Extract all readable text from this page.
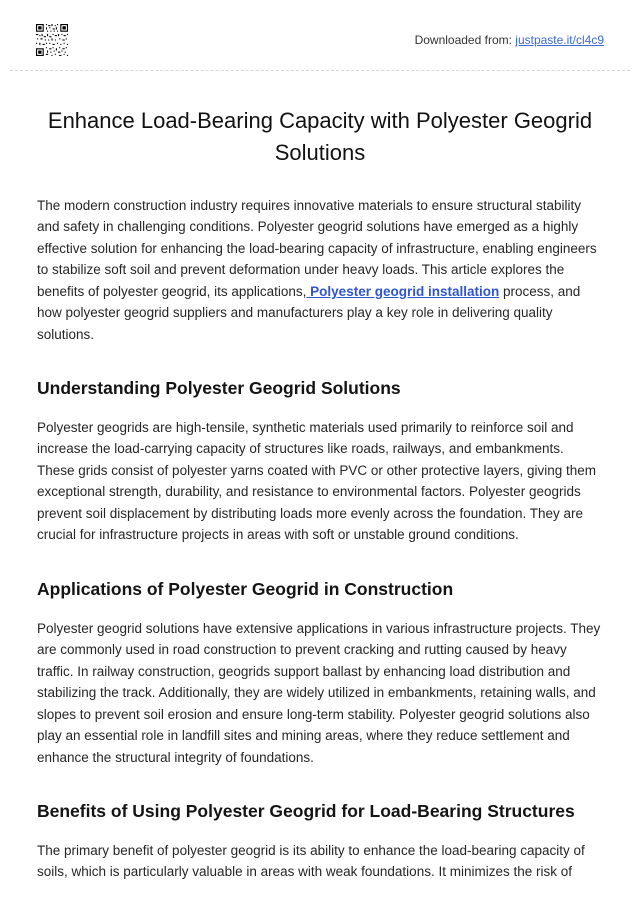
Downloaded from: justpaste.it/cl4c9
Enhance Load-Bearing Capacity with Polyester Geogrid Solutions

The modern construction industry requires innovative materials to ensure structural stability and safety in challenging conditions. Polyester geogrid solutions have emerged as a highly effective solution for enhancing the load-bearing capacity of infrastructure, enabling engineers to stabilize soft soil and prevent deformation under heavy loads. This article explores the benefits of polyester geogrid, its applications, Polyester geogrid installation process, and how polyester geogrid suppliers and manufacturers play a key role in delivering quality solutions.

Understanding Polyester Geogrid Solutions

Polyester geogrids are high-tensile, synthetic materials used primarily to reinforce soil and increase the load-carrying capacity of structures like roads, railways, and embankments. These grids consist of polyester yarns coated with PVC or other protective layers, giving them exceptional strength, durability, and resistance to environmental factors. Polyester geogrids prevent soil displacement by distributing loads more evenly across the foundation. They are crucial for infrastructure projects in areas with soft or unstable ground conditions.

Applications of Polyester Geogrid in Construction

Polyester geogrid solutions have extensive applications in various infrastructure projects. They are commonly used in road construction to prevent cracking and rutting caused by heavy traffic. In railway construction, geogrids support ballast by enhancing load distribution and stabilizing the track. Additionally, they are widely utilized in embankments, retaining walls, and slopes to prevent soil erosion and ensure long-term stability. Polyester geogrid solutions also play an essential role in landfill sites and mining areas, where they reduce settlement and enhance the structural integrity of foundations.

Benefits of Using Polyester Geogrid for Load-Bearing Structures

The primary benefit of polyester geogrid is its ability to enhance the load-bearing capacity of soils, which is particularly valuable in areas with weak foundations. It minimizes the risk of
